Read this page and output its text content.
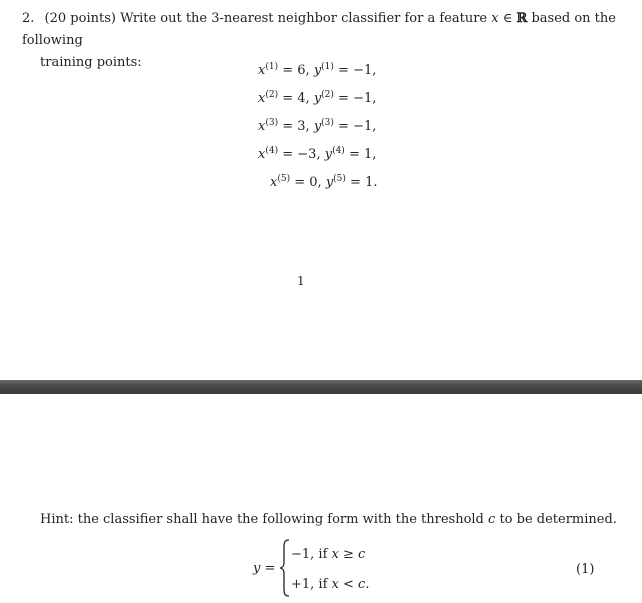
2. (20 points) Write out the 3-nearest neighbor classifier for a feature x ∈ ℝ based on the following
training points:
$x^{(1)} = 6$, $y^{(1)} = -1$,
$x^{(2)} = 4$, $y^{(2)} = -1$,
$x^{(3)} = 3$, $y^{(3)} = -1$,
$x^{(4)} = -3$, $y^{(4)} = 1$,
$x^{(5)} = 0$, $y^{(5)} = 1$.
1
Hint: the classifier shall have the following form with the threshold c to be determined.
y =
−1, if x ≥ c
+1, if x < c.
(1)
